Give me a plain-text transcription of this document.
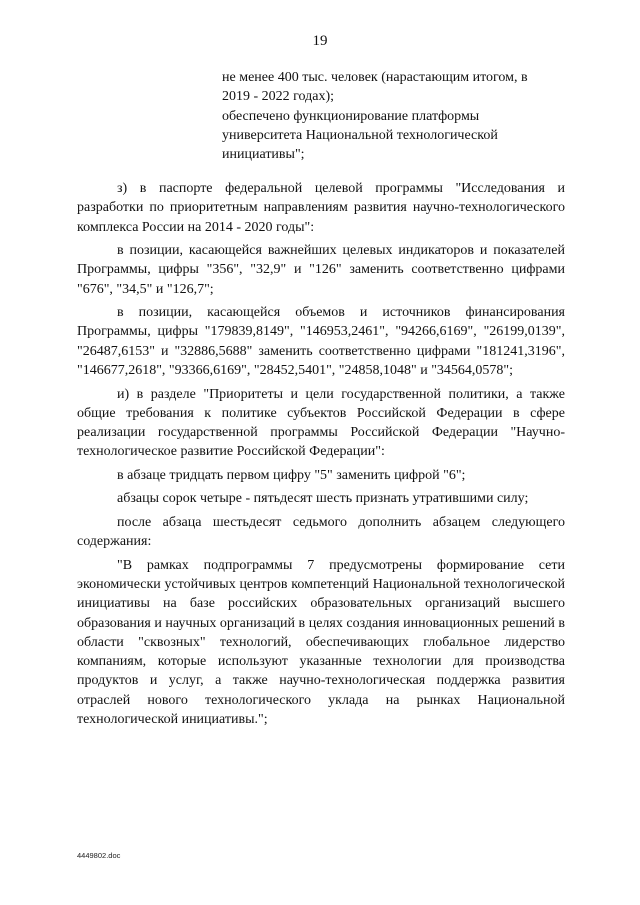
19

не менее 400 тыс. человек (нарастающим итогом, в 2019 - 2022 годах);

обеспечено функционирование платформы университета Национальной технологической инициативы";

з) в паспорте федеральной целевой программы "Исследования и разработки по приоритетным направлениям развития научно-технологического комплекса России на 2014 - 2020 годы":

в позиции, касающейся важнейших целевых индикаторов и показателей Программы, цифры "356", "32,9" и "126" заменить соответственно цифрами "676", "34,5" и "126,7";

в позиции, касающейся объемов и источников финансирования Программы, цифры "179839,8149", "146953,2461", "94266,6169", "26199,0139", "26487,6153" и "32886,5688" заменить соответственно цифрами "181241,3196", "146677,2618", "93366,6169", "28452,5401", "24858,1048" и "34564,0578";

и) в разделе "Приоритеты и цели государственной политики, а также общие требования к политике субъектов Российской Федерации в сфере реализации государственной программы Российской Федерации "Научно-технологическое развитие Российской Федерации":

в абзаце тридцать первом цифру "5" заменить цифрой "6";

абзацы сорок четыре - пятьдесят шесть признать утратившими силу;

после абзаца шестьдесят седьмого дополнить абзацем следующего содержания:

"В рамках подпрограммы 7 предусмотрены формирование сети экономически устойчивых центров компетенций Национальной технологической инициативы на базе российских образовательных организаций высшего образования и научных организаций в целях создания инновационных решений в области "сквозных" технологий, обеспечивающих глобальное лидерство компаниям, которые используют указанные технологии для производства продуктов и услуг, а также научно-технологическая поддержка развития отраслей нового технологического уклада на рынках Национальной технологической инициативы.";

4449802.doc
